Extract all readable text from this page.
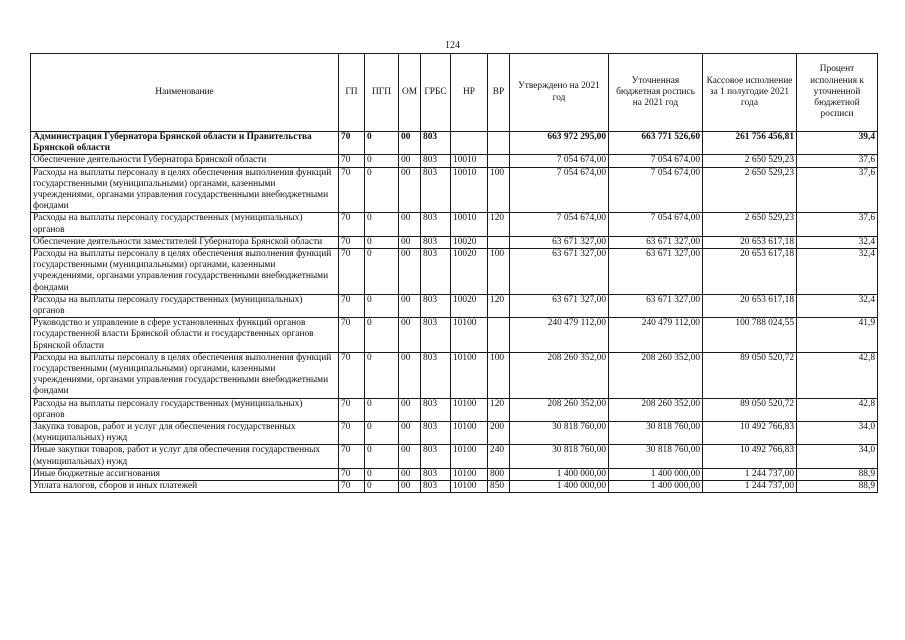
124
Наименование	ГП	ПГП	ОМ	ГРБС	НР	ВР	Утверждено на 2021 год	Уточненная бюджетная роспись на 2021 год	Кассовое исполнение за 1 полугодие 2021 года	Процент исполнения к уточненной бюджетной росписи
Администрация Губернатора Брянской области и Правительства Брянской области	70	0	00	803			663 972 295,00	663 771 526,60	261 756 456,81	39,4
Обеспечение деятельности Губернатора Брянской области	70	0	00	803	10010		7 054 674,00	7 054 674,00	2 650 529,23	37,6
Расходы на выплаты персоналу в целях обеспечения выполнения функций государственными (муниципальными) органами, казенными учреждениями, органами управления государственными внебюджетными фондами	70	0	00	803	10010	100	7 054 674,00	7 054 674,00	2 650 529,23	37,6
Расходы на выплаты персоналу государственных (муниципальных) органов	70	0	00	803	10010	120	7 054 674,00	7 054 674,00	2 650 529,23	37,6
Обеспечение деятельности заместителей Губернатора Брянской области	70	0	00	803	10020		63 671 327,00	63 671 327,00	20 653 617,18	32,4
Расходы на выплаты персоналу в целях обеспечения выполнения функций государственными (муниципальными) органами, казенными учреждениями, органами управления государственными внебюджетными фондами	70	0	00	803	10020	100	63 671 327,00	63 671 327,00	20 653 617,18	32,4
Расходы на выплаты персоналу государственных (муниципальных) органов	70	0	00	803	10020	120	63 671 327,00	63 671 327,00	20 653 617,18	32,4
Руководство и управление в сфере установленных функций органов государственной власти Брянской области и государственных органов Брянской области	70	0	00	803	10100		240 479 112,00	240 479 112,00	100 788 024,55	41,9
Расходы на выплаты персоналу в целях обеспечения выполнения функций государственными (муниципальными) органами, казенными учреждениями, органами управления государственными внебюджетными фондами	70	0	00	803	10100	100	208 260 352,00	208 260 352,00	89 050 520,72	42,8
Расходы на выплаты персоналу государственных (муниципальных) органов	70	0	00	803	10100	120	208 260 352,00	208 260 352,00	89 050 520,72	42,8
Закупка товаров, работ и услуг для обеспечения государственных (муниципальных) нужд	70	0	00	803	10100	200	30 818 760,00	30 818 760,00	10 492 766,83	34,0
Иные закупки товаров, работ и услуг для обеспечения государственных (муниципальных) нужд	70	0	00	803	10100	240	30 818 760,00	30 818 760,00	10 492 766,83	34,0
Иные бюджетные ассигнования	70	0	00	803	10100	800	1 400 000,00	1 400 000,00	1 244 737,00	88,9
Уплата налогов, сборов и иных платежей	70	0	00	803	10100	850	1 400 000,00	1 400 000,00	1 244 737,00	88,9
